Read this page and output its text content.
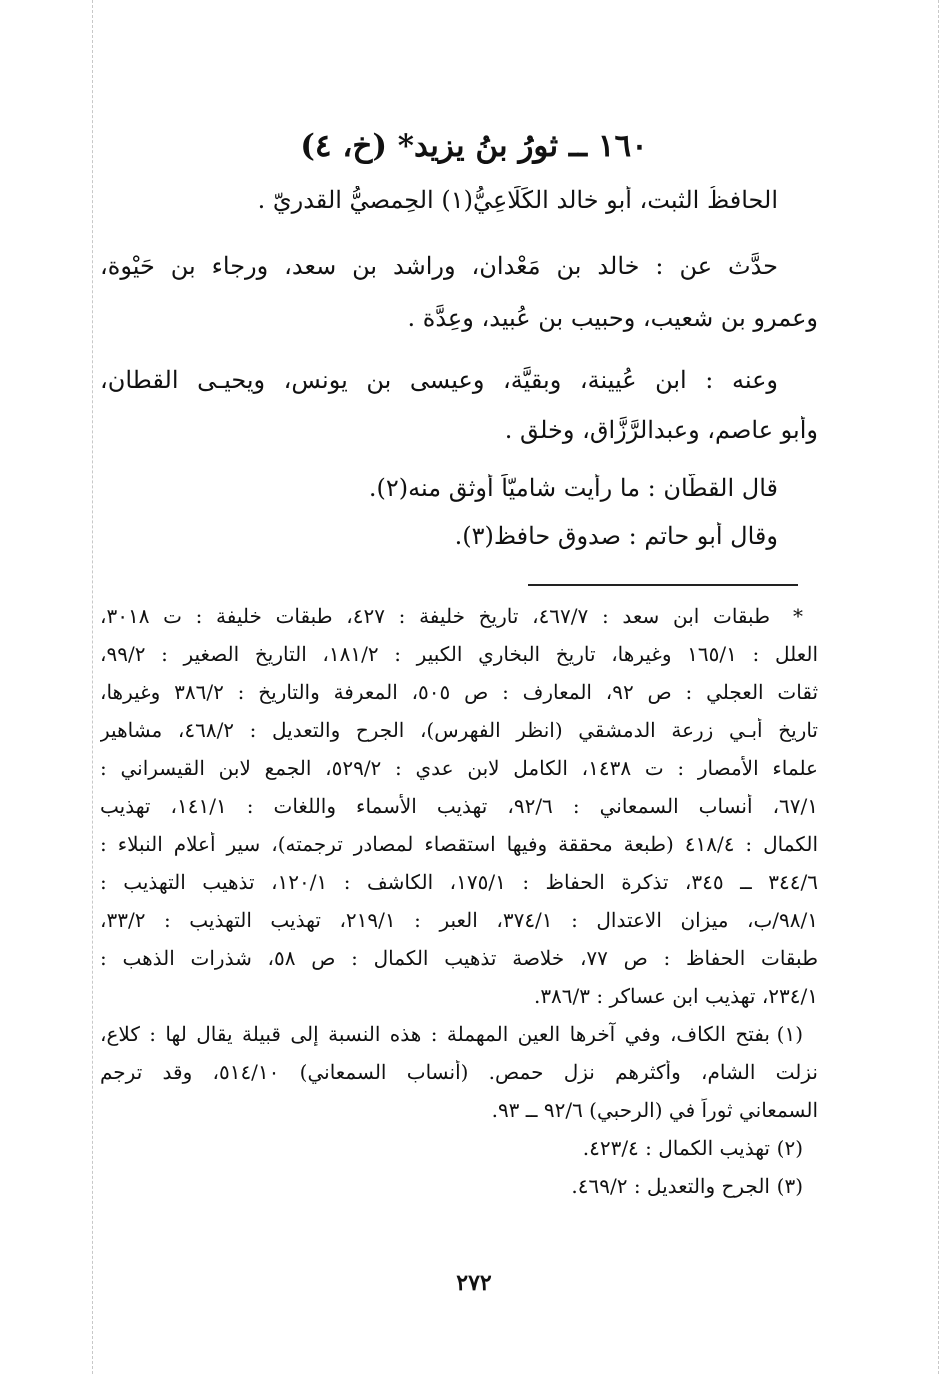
١٦٠ ــ ثورُ بنُ يزيد* (خ، ٤)
الحافظُ الثبت، أبو خالد الكَلَاعِيُّ(١) الحِمصيُّ القدريّ .
حدَّث عن : خالد بن مَعْدان، وراشد بن سعد، ورجاء بن حَيْوة،
وعمرو بن شعيب، وحبيب بن عُبيد، وعِدَّة .
وعنه : ابن عُيينة، وبقيَّة، وعيسى بن يونس، ويحيـى القطان،
وأبو عاصم، وعبدالرَّزَّاق، وخلق .
قال القطَّان : ما رأيت شاميّاً أوثق منه(٢).
وقال أبو حاتم : صدوق حافظ(٣).
*
طبقات ابن سعد : ٤٦٧/٧، تاريخ خليفة : ٤٢٧، طبقات خليفة : ت ٣٠١٨،
العلل : ١٦٥/١ وغيرها، تاريخ البخاري الكبير : ١٨١/٢، التاريخ الصغير : ٩٩/٢،
ثقات العجلي : ص ٩٢، المعارف : ص ٥٠٥، المعرفة والتاريخ : ٣٨٦/٢ وغيرها،
تاريخ أبـي زرعة الدمشقي (انظر الفهرس)، الجرح والتعديل : ٤٦٨/٢، مشاهير
علماء الأمصار : ت ١٤٣٨، الكامل لابن عدي : ٥٢٩/٢، الجمع لابن القيسراني :
٦٧/١، أنساب السمعاني : ٩٢/٦، تهذيب الأسماء واللغات : ١٤١/١، تهذيب
الكمال : ٤١٨/٤ (طبعة محققة وفيها استقصاء لمصادر ترجمته)، سير أعلام النبلاء :
٣٤٤/٦ ــ ٣٤٥، تذكرة الحفاظ : ١٧٥/١، الكاشف : ١٢٠/١، تذهيب التهذيب :
٩٨/١/ب، ميزان الاعتدال : ٣٧٤/١، العبر : ٢١٩/١، تهذيب التهذيب : ٣٣/٢،
طبقات الحفاظ : ص ٧٧، خلاصة تذهيب الكمال : ص ٥٨، شذرات الذهب :
٢٣٤/١، تهذيب ابن عساكر : ٣٨٦/٣.
(١)
بفتح الكاف، وفي آخرها العين المهملة : هذه النسبة إلى قبيلة يقال لها : كلاع،
نزلت الشام، وأكثرهم نزل حمص. (أنساب السمعاني) ٥١٤/١٠، وقد ترجم
السمعاني ثوراً في (الرحبي) ٩٢/٦ ــ ٩٣.
(٢)
تهذيب الكمال : ٤٢٣/٤.
(٣)
الجرح والتعديل : ٤٦٩/٢.
٢٧٢
